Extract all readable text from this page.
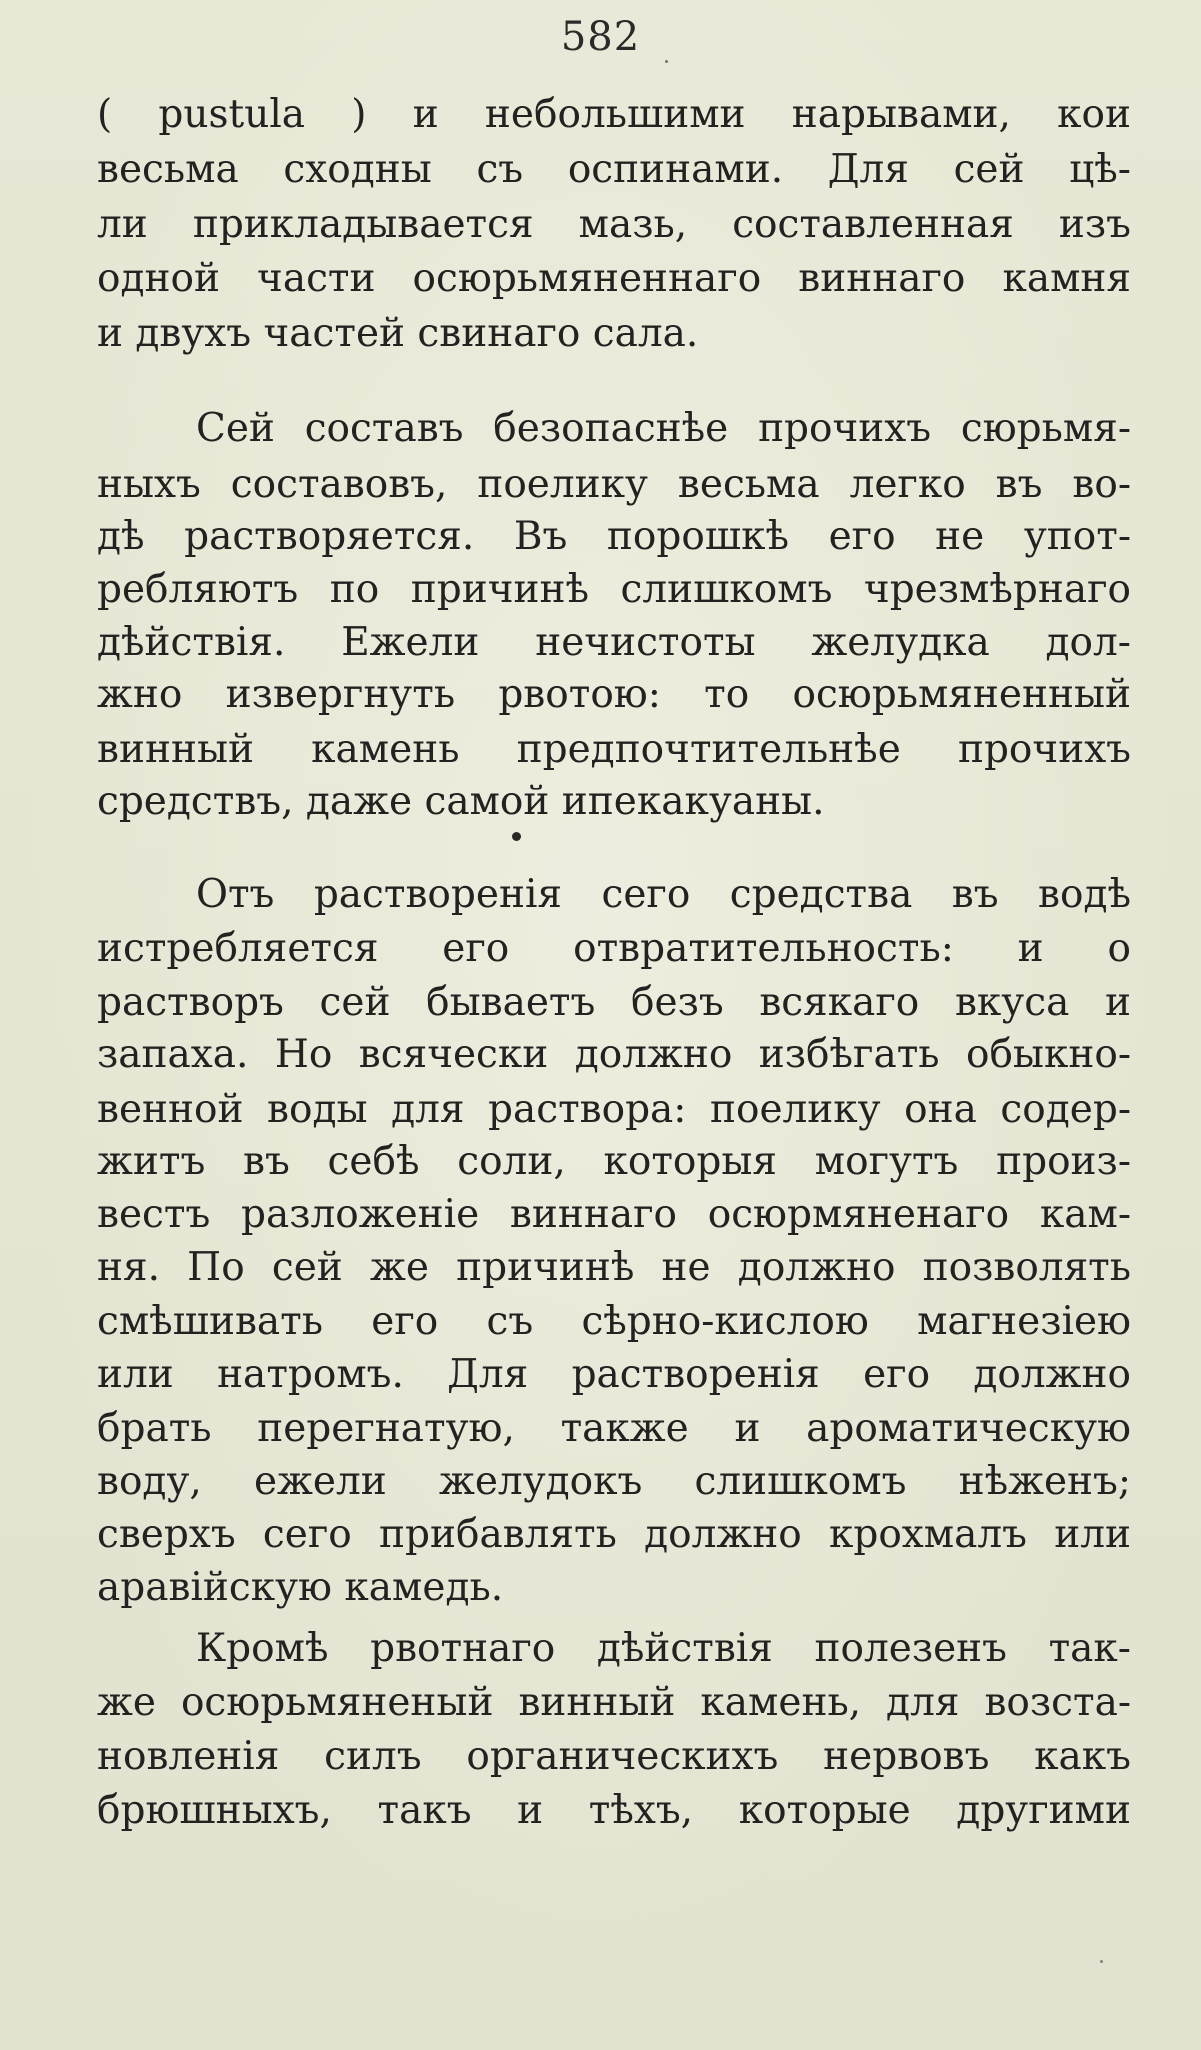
582
( pustula ) и небольшими нарывами, кои
весьма сходны съ оспинами. Для сей цѣ-
ли прикладывается мазь, составленная изъ
одной части осюрьмяненнаго виннаго камня
и двухъ частей свинаго сала.
Сей составъ безопаснѣе прочихъ сюрьмя-
ныхъ составовъ, поелику весьма легко въ во-
дѣ растворяется. Въ порошкѣ его не упот-
ребляютъ по причинѣ слишкомъ чрезмѣрнаго
дѣйствія. Ежели нечистоты желудка дол-
жно извергнуть рвотою: то осюрьмяненный
винный камень предпочтительнѣе прочихъ
средствъ, даже самой ипекакуаны.
Отъ растворенія сего средства въ водѣ
истребляется его отвратительность: и о
растворъ сей бываетъ безъ всякаго вкуса и
запаха. Но всячески должно избѣгать обыкно-
венной воды для раствора: поелику она содер-
житъ въ себѣ соли, которыя могутъ произ-
вестъ разложеніе виннаго осюрмяненаго кам-
ня. По сей же причинѣ не должно позволять
смѣшивать его съ сѣрно-кислою магнезіею
или натромъ. Для растворенія его должно
брать перегнатую, также и ароматическую
воду, ежели желудокъ слишкомъ нѣженъ;
сверхъ сего прибавлять должно крохмалъ или
аравійскую камедь.
Кромѣ рвотнаго дѣйствія полезенъ так-
же осюрьмяненый винный камень, для возста-
новленія силъ органическихъ нервовъ какъ
брюшныхъ, такъ и тѣхъ, которые другими
